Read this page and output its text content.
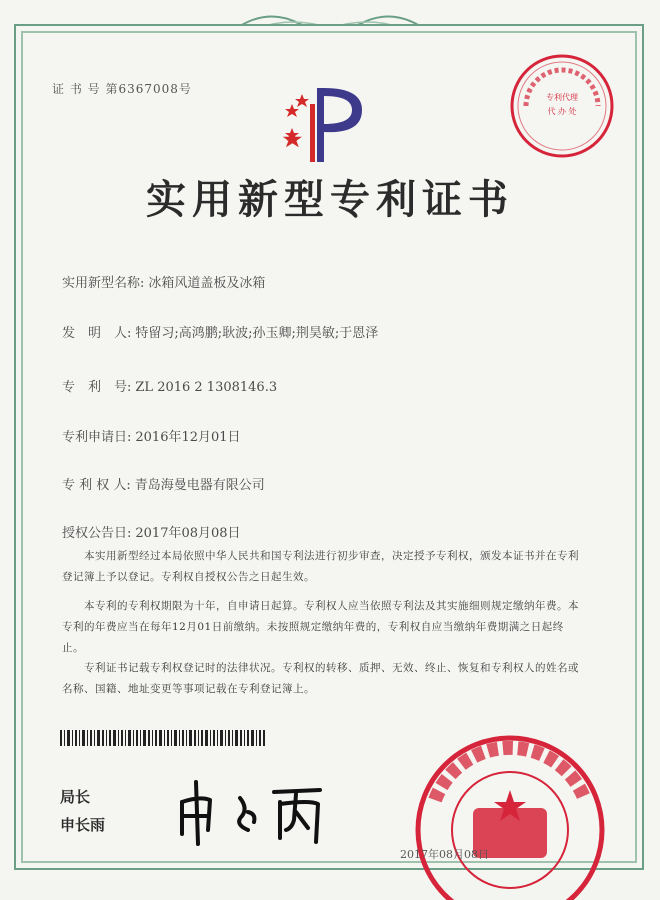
证 书 号 第6367008号
专利代理
代 办 处
实用新型专利证书
实用新型名称: 冰箱风道盖板及冰箱
发　明　人: 特留习;高鸿鹏;耿波;孙玉卿;荆昊敏;于恩泽
专　利　号: ZL 2016 2 1308146.3
专利申请日: 2016年12月01日
专 利 权 人: 青岛海曼电器有限公司
授权公告日: 2017年08月08日
本实用新型经过本局依照中华人民共和国专利法进行初步审查，决定授予专利权，颁发本证书并在专利登记簿上予以登记。专利权自授权公告之日起生效。
本专利的专利权期限为十年，自申请日起算。专利权人应当依照专利法及其实施细则规定缴纳年费。本专利的年费应当在每年12月01日前缴纳。未按照规定缴纳年费的，专利权自应当缴纳年费期满之日起终止。
专利证书记载专利权登记时的法律状况。专利权的转移、质押、无效、终止、恢复和专利权人的姓名或名称、国籍、地址变更等事项记载在专利登记簿上。
局长
申长雨
2017年08月08日
